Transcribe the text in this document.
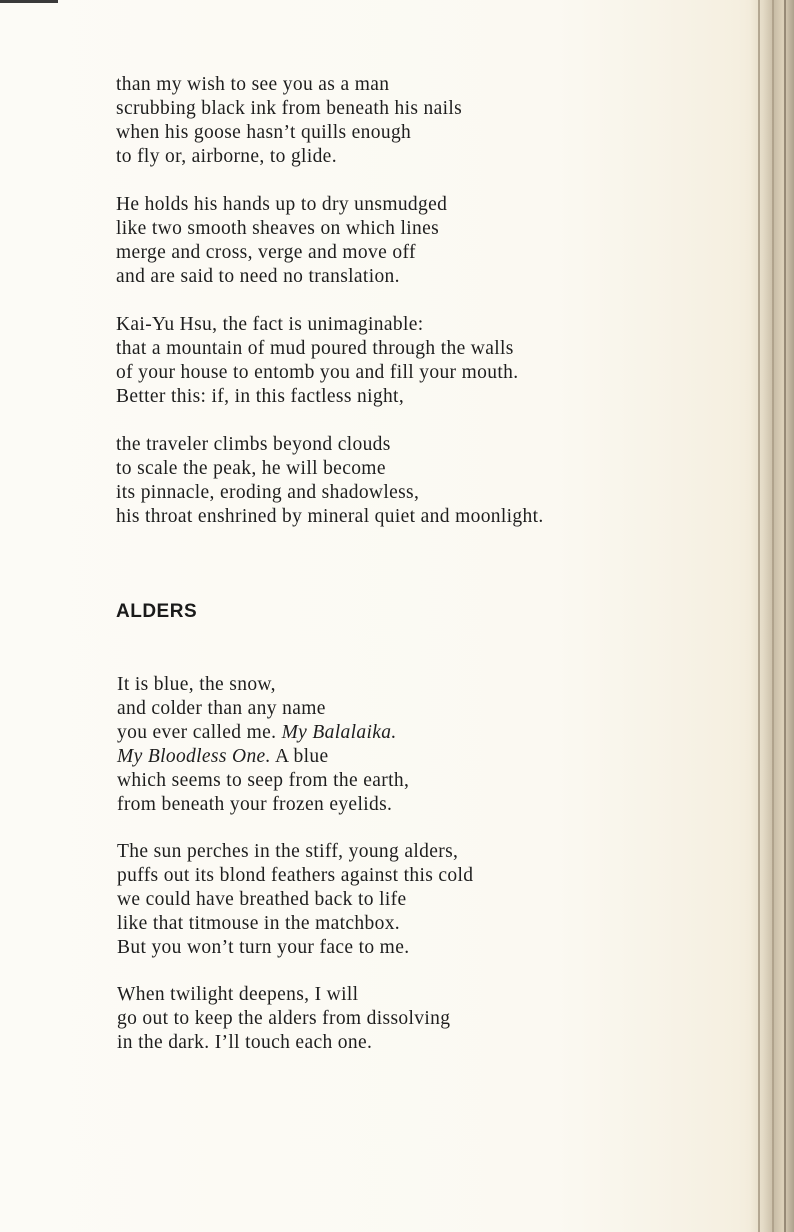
than my wish to see you as a man
scrubbing black ink from beneath his nails
when his goose hasn’t quills enough
to fly or, airborne, to glide.
He holds his hands up to dry unsmudged
like two smooth sheaves on which lines
merge and cross, verge and move off
and are said to need no translation.
Kai-Yu Hsu, the fact is unimaginable:
that a mountain of mud poured through the walls
of your house to entomb you and fill your mouth.
Better this: if, in this factless night,
the traveler climbs beyond clouds
to scale the peak, he will become
its pinnacle, eroding and shadowless,
his throat enshrined by mineral quiet and moonlight.
ALDERS
It is blue, the snow,
and colder than any name
you ever called me. My Balalaika.
My Bloodless One. A blue
which seems to seep from the earth,
from beneath your frozen eyelids.
The sun perches in the stiff, young alders,
puffs out its blond feathers against this cold
we could have breathed back to life
like that titmouse in the matchbox.
But you won’t turn your face to me.
When twilight deepens, I will
go out to keep the alders from dissolving
in the dark. I’ll touch each one.
